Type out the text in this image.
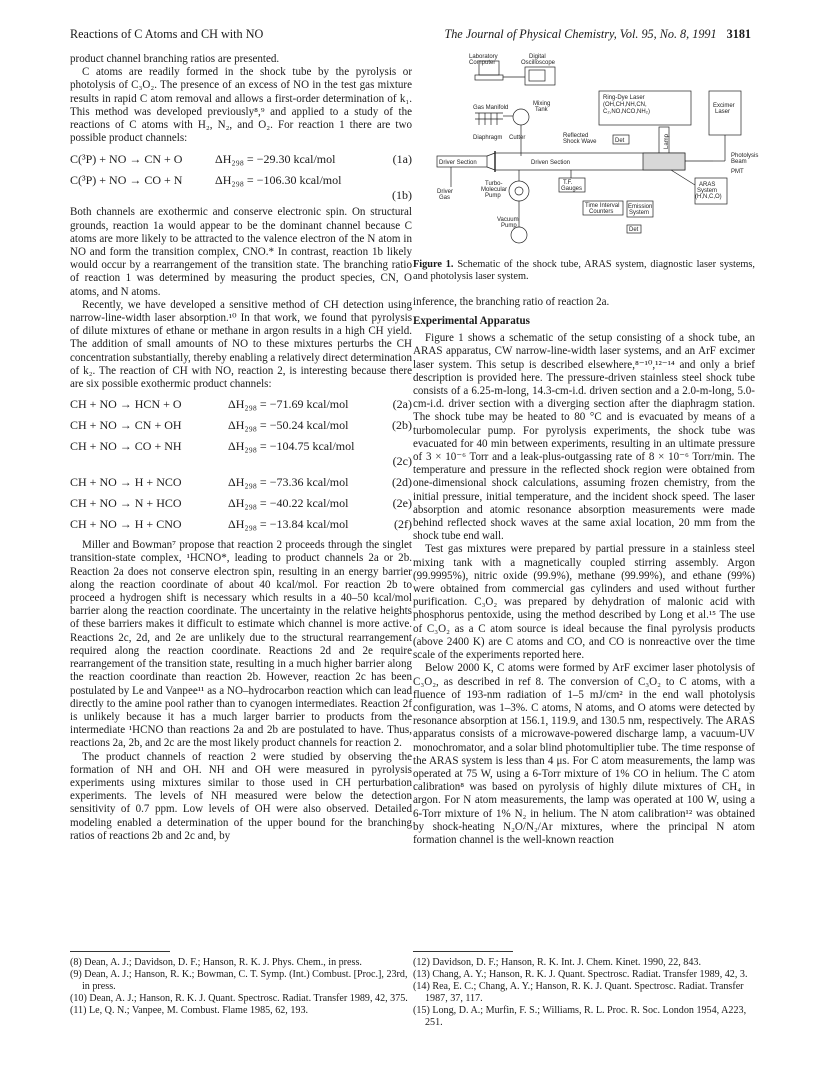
Reactions of C Atoms and CH with NO	The Journal of Physical Chemistry, Vol. 95, No. 8, 1991 3181

product channel branching ratios are presented.

C atoms are readily formed in the shock tube by the pyrolysis or photolysis of C₃O₂. The presence of an excess of NO in the test gas mixture results in rapid C atom removal and allows a first-order determination of k₁. This method was developed previously⁸,⁹ and applied to a study of the reactions of C atoms with H₂, N₂, and O₂. For reaction 1 there are two possible product channels:

C(³P) + NO → CN + O	ΔH₂₉₈ = −29.30 kcal/mol	(1a)
C(³P) + NO → CO + N	ΔH₂₉₈ = −106.30 kcal/mol
(1b)

Both channels are exothermic and conserve electronic spin. On structural grounds, reaction 1a would appear to be the dominant channel because C atoms are more likely to be attracted to the valence electron of the N atom in NO and form the transition complex, CNO.* In contrast, reaction 1b likely would occur by a rearrangement of the transition state. The branching ratio of reaction 1 was determined by measuring the product species, CN, O atoms, and N atoms.

Recently, we have developed a sensitive method of CH detection using narrow-line-width laser absorption.¹⁰ In that work, we found that pyrolysis of dilute mixtures of ethane or methane in argon results in a high CH yield. The addition of small amounts of NO to these mixtures perturbs the CH concentration substantially, thereby enabling a relatively direct determination of k₂. The reaction of CH with NO, reaction 2, is interesting because there are six possible exothermic product channels:

CH + NO → HCN + O	ΔH₂₉₈ = −71.69 kcal/mol	(2a)
CH + NO → CN + OH	ΔH₂₉₈ = −50.24 kcal/mol	(2b)
CH + NO → CO + NH	ΔH₂₉₈ = −104.75 kcal/mol
(2c)
CH + NO → H + NCO	ΔH₂₉₈ = −73.36 kcal/mol	(2d)
CH + NO → N + HCO	ΔH₂₉₈ = −40.22 kcal/mol	(2e)
CH + NO → H + CNO	ΔH₂₉₈ = −13.84 kcal/mol	(2f)

Miller and Bowman⁷ propose that reaction 2 proceeds through the singlet transition-state complex, ¹HCNO*, leading to product channels 2a or 2b. Reaction 2a does not conserve electron spin, resulting in an energy barrier along the reaction coordinate of about 40 kcal/mol. For reaction 2b to proceed a hydrogen shift is necessary which results in a 40–50 kcal/mol barrier along the reaction coordinate. The uncertainty in the relative heights of these barriers makes it difficult to estimate which channel is more active. Reactions 2c, 2d, and 2e are unlikely due to the structural rearrangement required along the reaction coordinate. Reactions 2d and 2e require rearrangement of the transition state, resulting in a much higher barrier along the reaction coordinate than reaction 2b. However, reaction 2c has been postulated by Le and Vanpee¹¹ as a NO–hydrocarbon reaction which can lead directly to the amine pool rather than to cyanogen intermediates. Reaction 2f is unlikely because it has a much larger barrier to products from the intermediate ¹HCNO than reactions 2a and 2b are postulated to have. Thus, reactions 2a, 2b, and 2c are the most likely product channels for reaction 2.

The product channels of reaction 2 were studied by observing the formation of NH and OH. NH and OH were measured in pyrolysis experiments using mixtures similar to those used in CH perturbation experiments. The levels of NH measured were below the detection sensitivity of 0.7 ppm. Low levels of OH were also observed. Detailed modeling enabled a determination of the upper bound for the branching ratios of reactions 2b and 2c and, by

Laboratory Computer
Digital Oscilloscope
Gas Manifold
Mixing Tank
Ring-Dye Laser (OH,CH,NH,CN, C₂,NO,NCO,NH₂)
Excimer Laser
Diaphragm Cutter	Reflected Shock Wave	Det	Lamp
Driver Section	Driven Section
Photolysis Beam
PMT
Driver Gas
Turbo-Molecular Pump
T.F. Gauges
Time Interval Counters
Emission System
Det
ARAS System (H,N,C,O)
Vacuum Pump
Figure 1. Schematic of the shock tube, ARAS system, diagnostic laser systems, and photolysis laser system.

inference, the branching ratio of reaction 2a.

Experimental Apparatus

Figure 1 shows a schematic of the setup consisting of a shock tube, an ARAS apparatus, CW narrow-line-width laser systems, and an ArF excimer laser system. This setup is described elsewhere,⁸⁻¹⁰,¹²⁻¹⁴ and only a brief description is provided here. The pressure-driven stainless steel shock tube consists of a 6.25-m-long, 14.3-cm-i.d. driven section and a 2.0-m-long, 5.0-cm-i.d. driver section with a diverging section after the diaphragm station. The shock tube may be heated to 80 °C and is evacuated by means of a turbomolecular pump. For pyrolysis experiments, the shock tube was evacuated for 40 min between experiments, resulting in an ultimate pressure of 3 × 10⁻⁶ Torr and a leak-plus-outgassing rate of 8 × 10⁻⁶ Torr/min. The temperature and pressure in the reflected shock region were obtained from one-dimensional shock calculations, assuming frozen chemistry, from the initial pressure, initial temperature, and the incident shock speed. The laser absorption and atomic resonance absorption measurements were made behind reflected shock waves at the same axial location, 20 mm from the shock tube end wall.

Test gas mixtures were prepared by partial pressure in a stainless steel mixing tank with a magnetically coupled stirring assembly. Argon (99.9995%), nitric oxide (99.9%), methane (99.99%), and ethane (99%) were obtained from commercial gas cylinders and used without further purification. C₃O₂ was prepared by dehydration of malonic acid with phosphorus pentoxide, using the method described by Long et al.¹⁵ The use of C₃O₂ as a C atom source is ideal because the final pyrolysis products (above 2400 K) are C atoms and CO, and CO is nonreactive over the time scale of the experiments reported here.

Below 2000 K, C atoms were formed by ArF excimer laser photolysis of C₃O₂, as described in ref 8. The conversion of C₃O₂ to C atoms, with a fluence of 193-nm radiation of 1–5 mJ/cm² in the end wall photolysis configuration, was 1–3%. C atoms, N atoms, and O atoms were detected by resonance absorption at 156.1, 119.9, and 130.5 nm, respectively. The ARAS apparatus consists of a microwave-powered discharge lamp, a vacuum-UV monochromator, and a solar blind photomultiplier tube. The time response of the ARAS system is less than 4 μs. For C atom measurements, the lamp was operated at 75 W, using a 6-Torr mixture of 1% CO in helium. The C atom calibration⁸ was based on pyrolysis of highly dilute mixtures of CH₄ in argon. For N atom measurements, the lamp was operated at 100 W, using a 6-Torr mixture of 1% N₂ in helium. The N atom calibration¹² was obtained by shock-heating N₂O/N₂/Ar mixtures, where the principal N atom formation channel is the well-known reaction

(8) Dean, A. J.; Davidson, D. F.; Hanson, R. K. J. Phys. Chem., in press.
(9) Dean, A. J.; Hanson, R. K.; Bowman, C. T. Symp. (Int.) Combust. [Proc.], 23rd, in press.
(10) Dean, A. J.; Hanson, R. K. J. Quant. Spectrosc. Radiat. Transfer 1989, 42, 375.
(11) Le, Q. N.; Vanpee, M. Combust. Flame 1985, 62, 193.
(12) Davidson, D. F.; Hanson, R. K. Int. J. Chem. Kinet. 1990, 22, 843.
(13) Chang, A. Y.; Hanson, R. K. J. Quant. Spectrosc. Radiat. Transfer 1989, 42, 3.
(14) Rea, E. C.; Chang, A. Y.; Hanson, R. K. J. Quant. Spectrosc. Radiat. Transfer 1987, 37, 117.
(15) Long, D. A.; Murfin, F. S.; Williams, R. L. Proc. R. Soc. London 1954, A223, 251.
